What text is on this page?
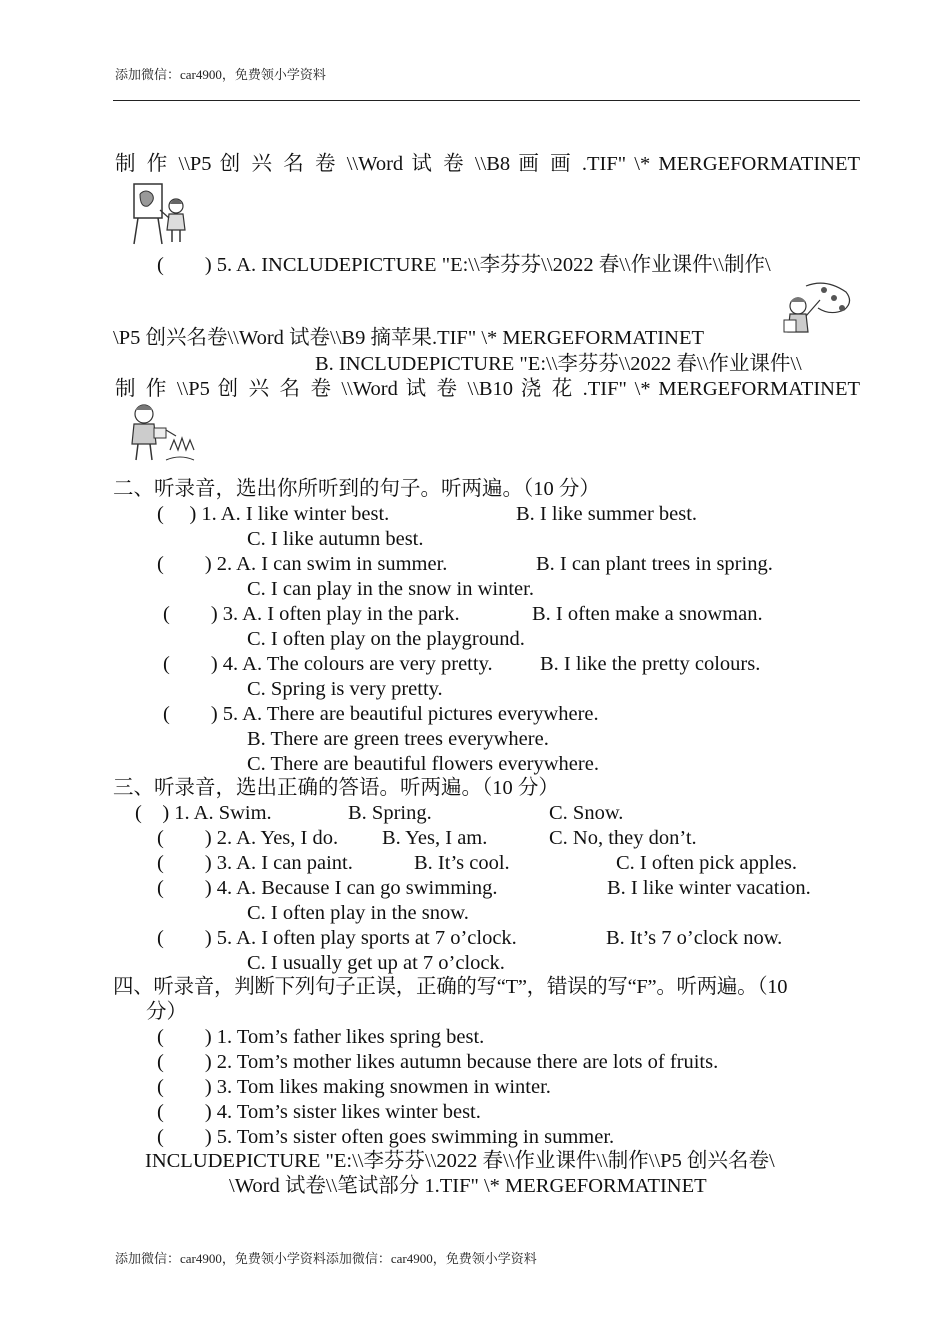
添加微信：car4900，免费领小学资料
制 作 \\P5 创 兴 名 卷 \\Word 试 卷 \\B8 画 画 .TIF" \* MERGEFORMATINET
(　　) 5. A. INCLUDEPICTURE "E:\\李芬芬\\2022 春\\作业课件\\制作\
\P5 创兴名卷\\Word 试卷\\B9 摘苹果.TIF" \* MERGEFORMATINET
B. INCLUDEPICTURE "E:\\李芬芬\\2022 春\\作业课件\\
制 作 \\P5 创 兴 名 卷 \\Word 试 卷 \\B10 浇 花 .TIF" \* MERGEFORMATINET
二、听录音，选出你所听到的句子。听两遍。（10 分）
(　 ) 1. A. I like winter best.	B. I like summer best.
C. I like autumn best.
(　　) 2. A. I can swim in summer.	B. I can plant trees in spring.
C. I can play in the snow in winter.
(　　) 3. A. I often play in the park.	B. I often make a snowman.
C. I often play on the playground.
(　　) 4. A. The colours are very pretty. B. I like the pretty colours.
C. Spring is very pretty.
(　　) 5. A. There are beautiful pictures everywhere.
B. There are green trees everywhere.
C. There are beautiful flowers everywhere.
三、听录音，选出正确的答语。听两遍。（10 分）
(　) 1. A. Swim.	B. Spring.	C. Snow.
(　　) 2. A. Yes, I do. B. Yes, I am.	C. No, they don’t.
(　　) 3. A. I can paint.	B. It’s cool.	C. I often pick apples.
(　　) 4. A. Because I can go swimming.	B. I like winter vacation.
C. I often play in the snow.
(　　) 5. A. I often play sports at 7 o’clock.	B. It’s 7 o’clock now.
C. I usually get up at 7 o’clock.
四、听录音，判断下列句子正误，正确的写“T”，错误的写“F”。听两遍。（10
分）
(　　) 1. Tom’s father likes spring best.
(　　) 2. Tom’s mother likes autumn because there are lots of fruits.
(　　) 3. Tom likes making snowmen in winter.
(　　) 4. Tom’s sister likes winter best.
(　　) 5. Tom’s sister often goes swimming in summer.
INCLUDEPICTURE "E:\\李芬芬\\2022 春\\作业课件\\制作\\P5 创兴名卷\
\Word 试卷\\笔试部分 1.TIF" \* MERGEFORMATINET
添加微信：car4900，免费领小学资料添加微信：car4900，免费领小学资料
